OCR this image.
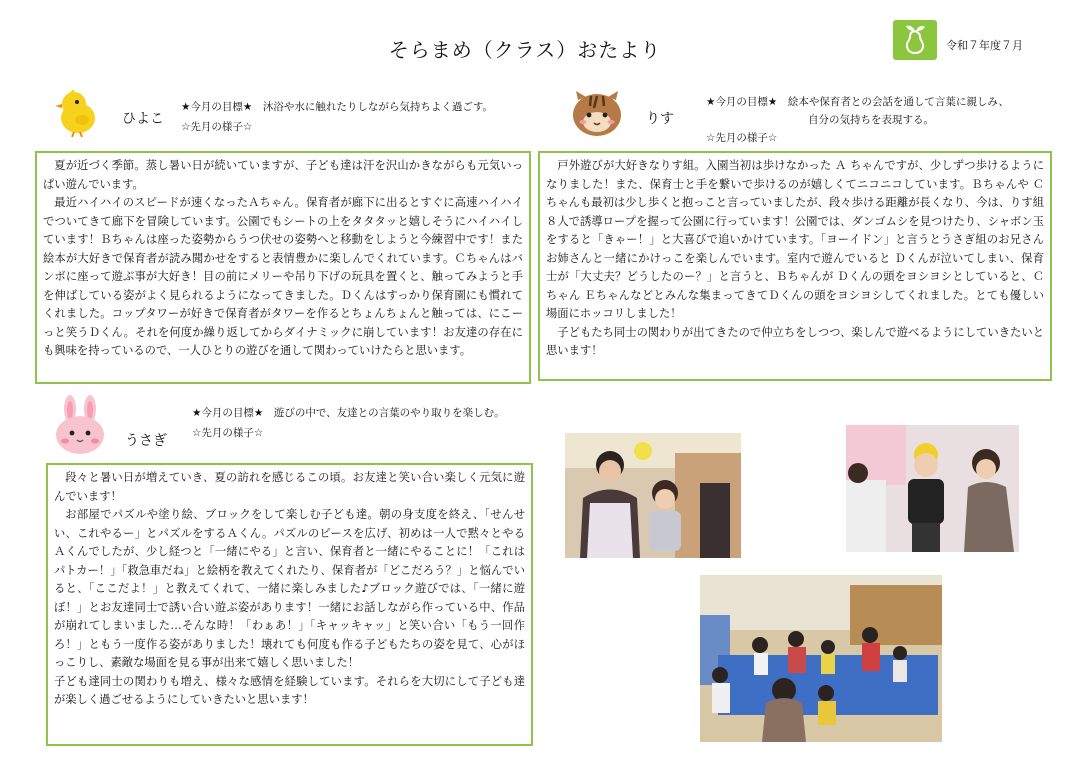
そらまめ（クラス）おたより	令和７年度７月
ひよこ
★今月の目標★　沐浴や水に触れたりしながら気持ちよく過ごす。
☆先月の様子☆

夏が近づく季節。蒸し暑い日が続いていますが、子ども達は汗を沢山かきながらも元気いっぱい遊んでいます。

最近ハイハイのスピードが速くなったＡちゃん。保育者が廊下に出るとすぐに高速ハイハイでついてきて廊下を冒険しています。公園でもシートの上をタタタッと嬉しそうにハイハイしています！Ｂちゃんは座った姿勢からうつ伏せの姿勢へと移動をしようと今練習中です！また絵本が大好きで保育者が読み聞かせをすると表情豊かに楽しんでくれています。Ｃちゃんはバンボに座って遊ぶ事が大好き！目の前にメリーや吊り下げの玩具を置くと、触ってみようと手を伸ばしている姿がよく見られるようになってきました。Ｄくんはすっかり保育園にも慣れてくれました。コップタワーが好きで保育者がタワーを作るとちょんちょんと触っては、にこーっと笑うＤくん。それを何度か繰り返してからダイナミックに崩しています！お友達の存在にも興味を持っているので、一人ひとりの遊びを通して関わっていけたらと思います。

りす
★今月の目標★　絵本や保育者との会話を通して言葉に親しみ、
自分の気持ちを表現する。
☆先月の様子☆

戸外遊びが大好きなりす組。入園当初は歩けなかった Ａ ちゃんですが、少しずつ歩けるようになりました！また、保育士と手を繋いで歩けるのが嬉しくてニコニコしています。Ｂちゃんや Ｃ ちゃんも最初は少し歩くと抱っこと言っていましたが、段々歩ける距離が長くなり、今は、りす組８人で誘導ロープを握って公園に行っています！公園では、ダンゴムシを見つけたり、シャボン玉をすると「きゃー！」と大喜びで追いかけています。「ヨーイドン」と言うとうさぎ組のお兄さんお姉さんと一緒にかけっこを楽しんでいます。室内で遊んでいると Ｄくんが泣いてしまい、保育士が「大丈夫？どうしたのー？」と言うと、Ｂちゃんが Ｄくんの頭をヨシヨシとしていると、Ｃちゃん Ｅちゃんなどとみんな集まってきてＤくんの頭をヨシヨシしてくれました。とても優しい場面にホッコリしました！

子どもたち同士の関わりが出てきたので仲立ちをしつつ、楽しんで遊べるようにしていきたいと思います！

うさぎ
★今月の目標★　遊びの中で、友達との言葉のやり取りを楽しむ。
☆先月の様子☆

段々と暑い日が増えていき、夏の訪れを感じるこの頃。お友達と笑い合い楽しく元気に遊んでいます！

お部屋でパズルや塗り絵、ブロックをして楽しむ子ども達。朝の身支度を終え、「せんせい、これやるー」とパズルをするＡくん。パズルのピースを広げ、初めは一人で黙々とやるＡくんでしたが、少し経つと「一緒にやる」と言い、保育者と一緒にやることに！「これはパトカー！」「救急車だね」と絵柄を教えてくれたり、保育者が「どこだろう？」と悩んでいると、「ここだよ！」と教えてくれて、一緒に楽しみました♪ブロック遊びでは、「一緒に遊ぼ！」とお友達同士で誘い合い遊ぶ姿があります！一緒にお話しながら作っている中、作品が崩れてしまいました…そんな時！「わぁあ！」「キャッキャッ」と笑い合い「もう一回作ろ！」ともう一度作る姿がありました！壊れても何度も作る子どもたちの姿を見て、心がほっこりし、素敵な場面を見る事が出来て嬉しく思いました！

子ども達同士の関わりも増え、様々な感情を経験しています。それらを大切にして子ども達が楽しく過ごせるようにしていきたいと思います！
